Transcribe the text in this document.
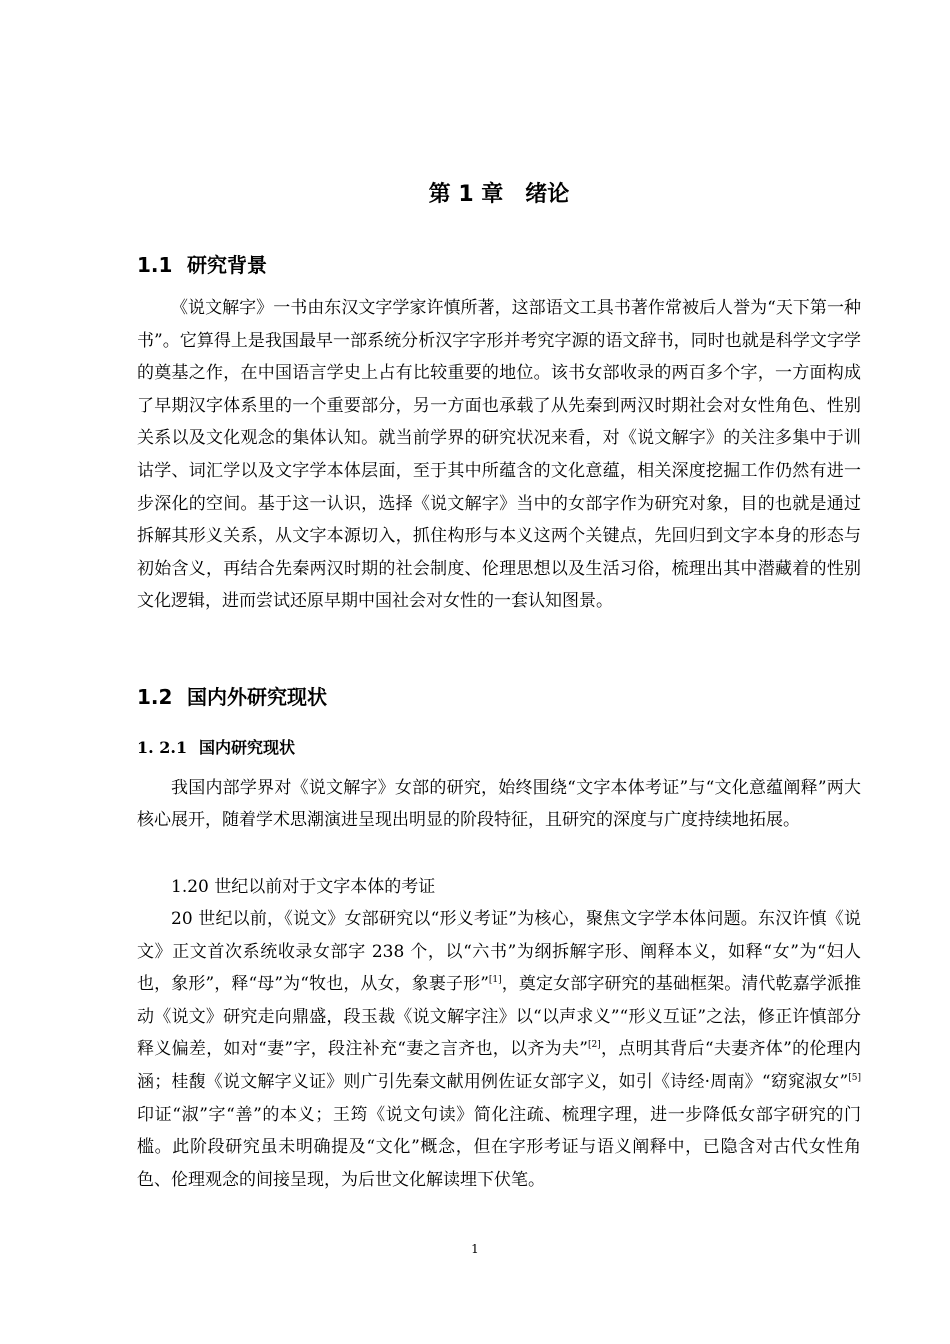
第 1 章　绪论
1.1 研究背景

《说文解字》一书由东汉文字学家许慎所著，这部语文工具书著作常被后人誉为“天下第一种书”。它算得上是我国最早一部系统分析汉字字形并考究字源的语文辞书，同时也就是科学文字学的奠基之作，在中国语言学史上占有比较重要的地位。该书女部收录的两百多个字，一方面构成了早期汉字体系里的一个重要部分，另一方面也承载了从先秦到两汉时期社会对女性角色、性别关系以及文化观念的集体认知。就当前学界的研究状况来看，对《说文解字》的关注多集中于训诂学、词汇学以及文字学本体层面，至于其中所蕴含的文化意蕴，相关深度挖掘工作仍然有进一步深化的空间。基于这一认识，选择《说文解字》当中的女部字作为研究对象，目的也就是通过拆解其形义关系，从文字本源切入，抓住构形与本义这两个关键点，先回归到文字本身的形态与初始含义，再结合先秦两汉时期的社会制度、伦理思想以及生活习俗，梳理出其中潜藏着的性别文化逻辑，进而尝试还原早期中国社会对女性的一套认知图景。

1.2 国内外研究现状
1. 2.1 国内研究现状

我国内部学界对《说文解字》女部的研究，始终围绕“文字本体考证”与“文化意蕴阐释”两大核心展开，随着学术思潮演进呈现出明显的阶段特征，且研究的深度与广度持续地拓展。

1.20 世纪以前对于文字本体的考证

20 世纪以前，《说文》女部研究以“形义考证”为核心，聚焦文字学本体问题。东汉许慎《说文》正文首次系统收录女部字 238 个，以“六书”为纲拆解字形、阐释本义，如释“女”为“妇人也，象形”，释“母”为“牧也，从女，象裹子形”[1]，奠定女部字研究的基础框架。清代乾嘉学派推动《说文》研究走向鼎盛，段玉裁《说文解字注》以“以声求义”“形义互证”之法，修正许慎部分释义偏差，如对“妻”字，段注补充“妻之言齐也，以齐为夫”[2]，点明其背后“夫妻齐体”的伦理内涵；桂馥《说文解字义证》则广引先秦文献用例佐证女部字义，如引《诗经·周南》“窈窕淑女”[5]印证“淑”字“善”的本义；王筠《说文句读》简化注疏、梳理字理，进一步降低女部字研究的门槛。此阶段研究虽未明确提及“文化”概念，但在字形考证与语义阐释中，已隐含对古代女性角色、伦理观念的间接呈现，为后世文化解读埋下伏笔。

1
